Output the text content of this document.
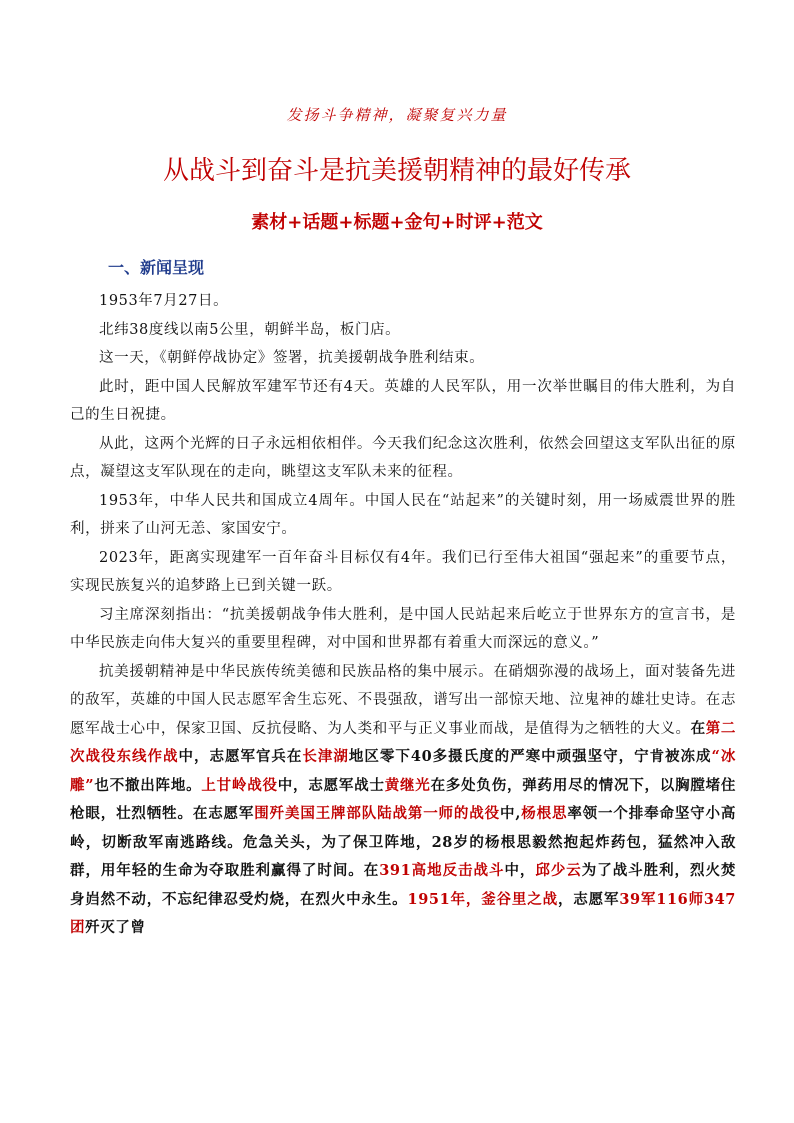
发扬斗争精神，凝聚复兴力量
从战斗到奋斗是抗美援朝精神的最好传承
素材+话题+标题+金句+时评+范文
一、新闻呈现

1953年7月27日。

北纬38度线以南5公里，朝鲜半岛，板门店。

这一天，《朝鲜停战协定》签署，抗美援朝战争胜利结束。

此时，距中国人民解放军建军节还有4天。英雄的人民军队，用一次举世瞩目的伟大胜利，为自己的生日祝捷。

从此，这两个光辉的日子永远相依相伴。今天我们纪念这次胜利，依然会回望这支军队出征的原点，凝望这支军队现在的走向，眺望这支军队未来的征程。

1953年，中华人民共和国成立4周年。中国人民在“站起来”的关键时刻，用一场威震世界的胜利，拼来了山河无恙、家国安宁。

2023年，距离实现建军一百年奋斗目标仅有4年。我们已行至伟大祖国“强起来”的重要节点，实现民族复兴的追梦路上已到关键一跃。

习主席深刻指出：“抗美援朝战争伟大胜利，是中国人民站起来后屹立于世界东方的宣言书，是中华民族走向伟大复兴的重要里程碑，对中国和世界都有着重大而深远的意义。”

抗美援朝精神是中华民族传统美德和民族品格的集中展示。在硝烟弥漫的战场上，面对装备先进的敌军，英雄的中国人民志愿军舍生忘死、不畏强敌，谱写出一部惊天地、泣鬼神的雄壮史诗。在志愿军战士心中，保家卫国、反抗侵略、为人类和平与正义事业而战，是值得为之牺牲的大义。在第二次战役东线作战中，志愿军官兵在长津湖地区零下40多摄氏度的严寒中顽强坚守，宁肯被冻成“冰雕”也不撤出阵地。上甘岭战役中，志愿军战士黄继光在多处负伤，弹药用尽的情况下，以胸膛堵住枪眼，壮烈牺牲。在志愿军围歼美国王牌部队陆战第一师的战役中,杨根思率领一个排奉命坚守小高岭，切断敌军南逃路线。危急关头，为了保卫阵地，28岁的杨根思毅然抱起炸药包，猛然冲入敌群，用年轻的生命为夺取胜利赢得了时间。在391高地反击战斗中，邱少云为了战斗胜利，烈火焚身岿然不动，不忘纪律忍受灼烧，在烈火中永生。1951年，釜谷里之战，志愿军39军116师347团歼灭了曾
